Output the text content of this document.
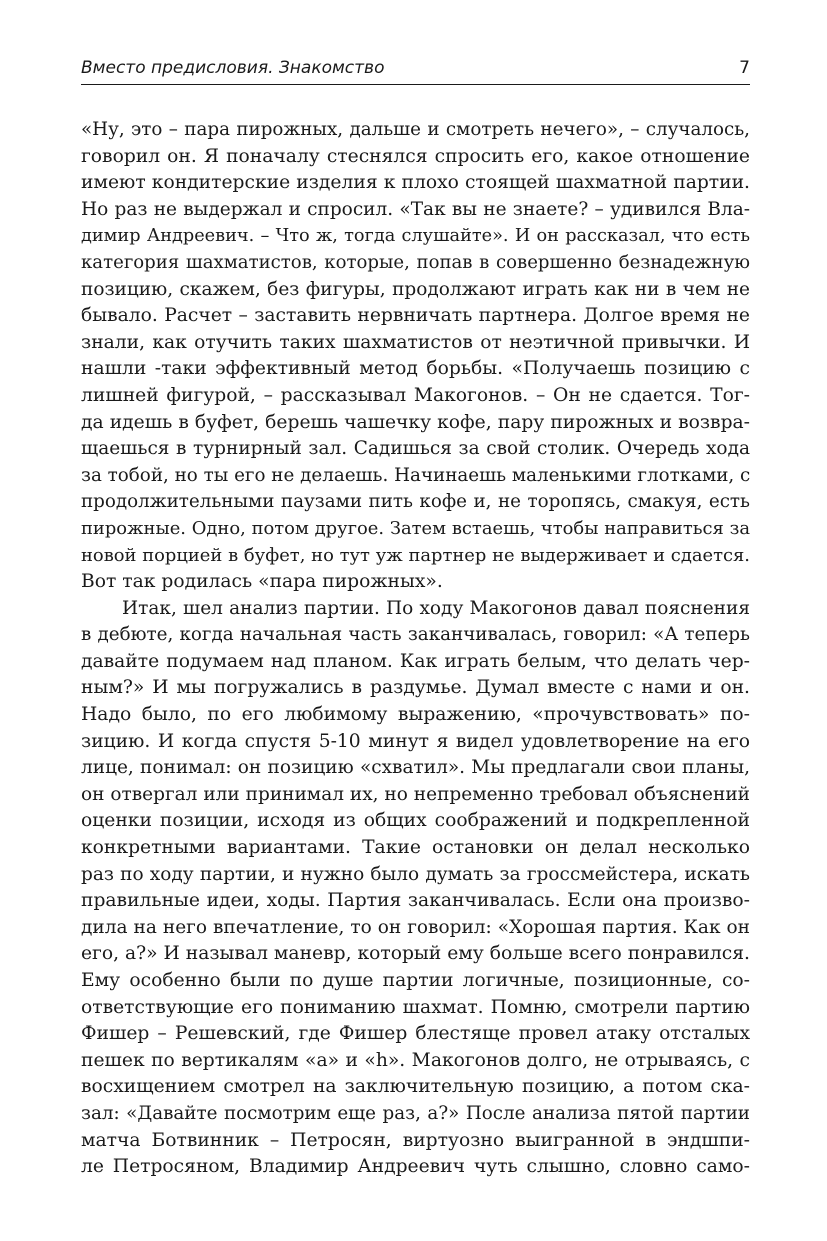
Вместо предисловия. Знакомство	7
«Ну, это – пара пирожных, дальше и смотреть нечего», – случалось,
говорил он. Я поначалу стеснялся спросить его, какое отношение
имеют кондитерские изделия к плохо стоящей шахматной партии.
Но раз не выдержал и спросил. «Так вы не знаете? – удивился Вла-
димир Андреевич. – Что ж, тогда слушайте». И он рассказал, что есть
категория шахматистов, которые, попав в совершенно безнадежную
позицию, скажем, без фигуры, продолжают играть как ни в чем не
бывало. Расчет – заставить нервничать партнера. Долгое время не
знали, как отучить таких шахматистов от неэтичной привычки. И
нашли -таки эффективный метод борьбы. «Получаешь позицию с
лишней фигурой, – рассказывал Макогонов. – Он не сдается. Тог-
да идешь в буфет, берешь чашечку кофе, пару пирожных и возвра-
щаешься в турнирный зал. Садишься за свой столик. Очередь хода
за тобой, но ты его не делаешь. Начинаешь маленькими глотками, с
продолжительными паузами пить кофе и, не торопясь, смакуя, есть
пирожные. Одно, потом другое. Затем встаешь, чтобы направиться за
новой порцией в буфет, но тут уж партнер не выдерживает и сдается.
Вот так родилась «пара пирожных».
Итак, шел анализ партии. По ходу Макогонов давал пояснения
в дебюте, когда начальная часть заканчивалась, говорил: «А теперь
давайте подумаем над планом. Как играть белым, что делать чер-
ным?» И мы погружались в раздумье. Думал вместе с нами и он.
Надо было, по его любимому выражению, «прочувствовать» по-
зицию. И когда спустя 5-10 минут я видел удовлетворение на его
лице, понимал: он позицию «схватил». Мы предлагали свои планы,
он отвергал или принимал их, но непременно требовал объяснений
оценки позиции, исходя из общих соображений и подкрепленной
конкретными вариантами. Такие остановки он делал несколько
раз по ходу партии, и нужно было думать за гроссмейстера, искать
правильные идеи, ходы. Партия заканчивалась. Если она произво-
дила на него впечатление, то он говорил: «Хорошая партия. Как он
его, а?» И называл маневр, который ему больше всего понравился.
Ему особенно были по душе партии логичные, позиционные, со-
ответствующие его пониманию шахмат. Помню, смотрели партию
Фишер – Решевский, где Фишер блестяще провел атаку отсталых
пешек по вертикалям «а» и «h». Макогонов долго, не отрываясь, с
восхищением смотрел на заключительную позицию, а потом ска-
зал: «Давайте посмотрим еще раз, а?» После анализа пятой партии
матча Ботвинник – Петросян, виртуозно выигранной в эндшпи-
ле Петросяном, Владимир Андреевич чуть слышно, словно само-
